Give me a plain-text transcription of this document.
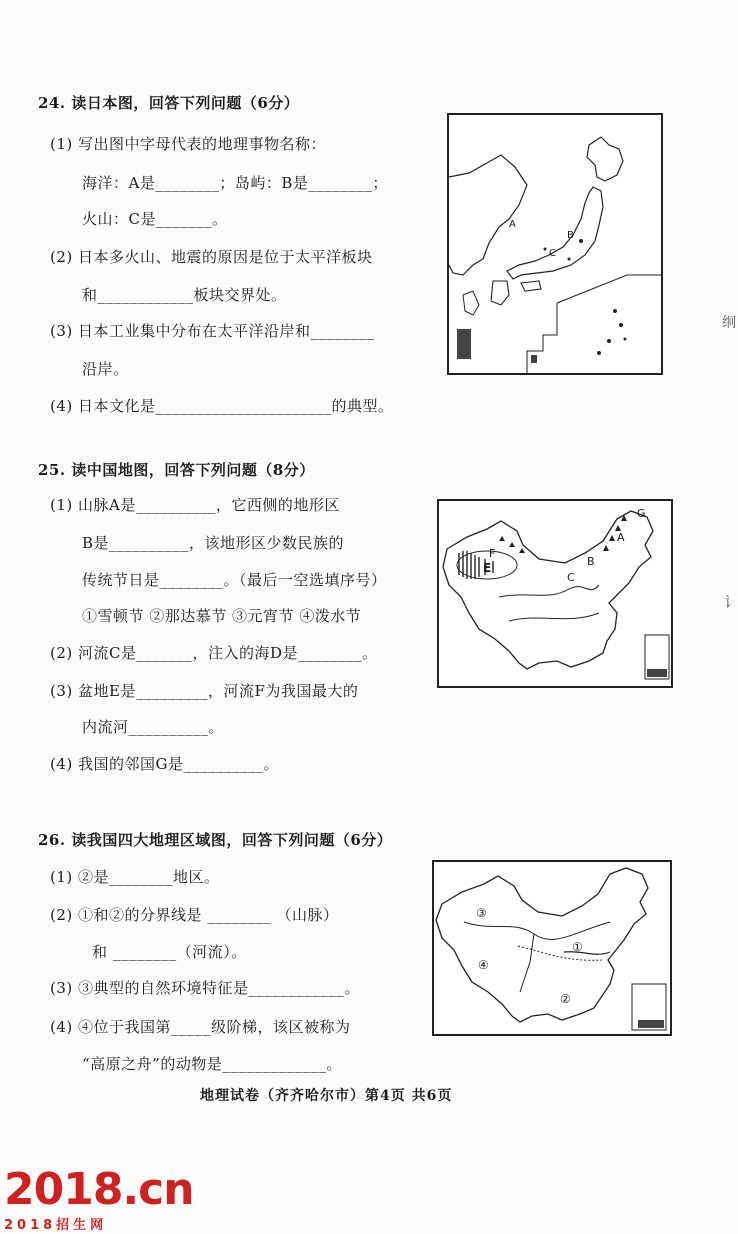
24. 读日本图，回答下列问题（6分）
(1) 写出图中字母代表的地理事物名称：
海洋：A是________；岛屿：B是________；
火山：C是_______。
(2) 日本多火山、地震的原因是位于太平洋板块
和____________板块交界处。
(3) 日本工业集中分布在太平洋沿岸和________
沿岸。
(4) 日本文化是______________________的典型。
A
B
C
25. 读中国地图，回答下列问题（8分）
(1) 山脉A是__________，它西侧的地形区
B是__________，该地形区少数民族的
传统节日是________。（最后一空选填序号）
①雪顿节 ②那达慕节 ③元宵节 ④泼水节
(2) 河流C是_______，注入的海D是________。
(3) 盆地E是_________，河流F为我国最大的
内流河__________。
(4) 我国的邻国G是__________。
G
A
B
C
E
F
26. 读我国四大地理区域图，回答下列问题（6分）
(1) ②是________地区。
(2) ①和②的分界线是 ________ （山脉）
和 ________（河流）。
(3) ③典型的自然环境特征是____________。
(4) ④位于我国第_____级阶梯，该区被称为
“高原之舟”的动物是_____________。
③
④
①
②
地理试卷（齐齐哈尔市）第4页 共6页
䌹
讠
2018.cn
2018招生网
